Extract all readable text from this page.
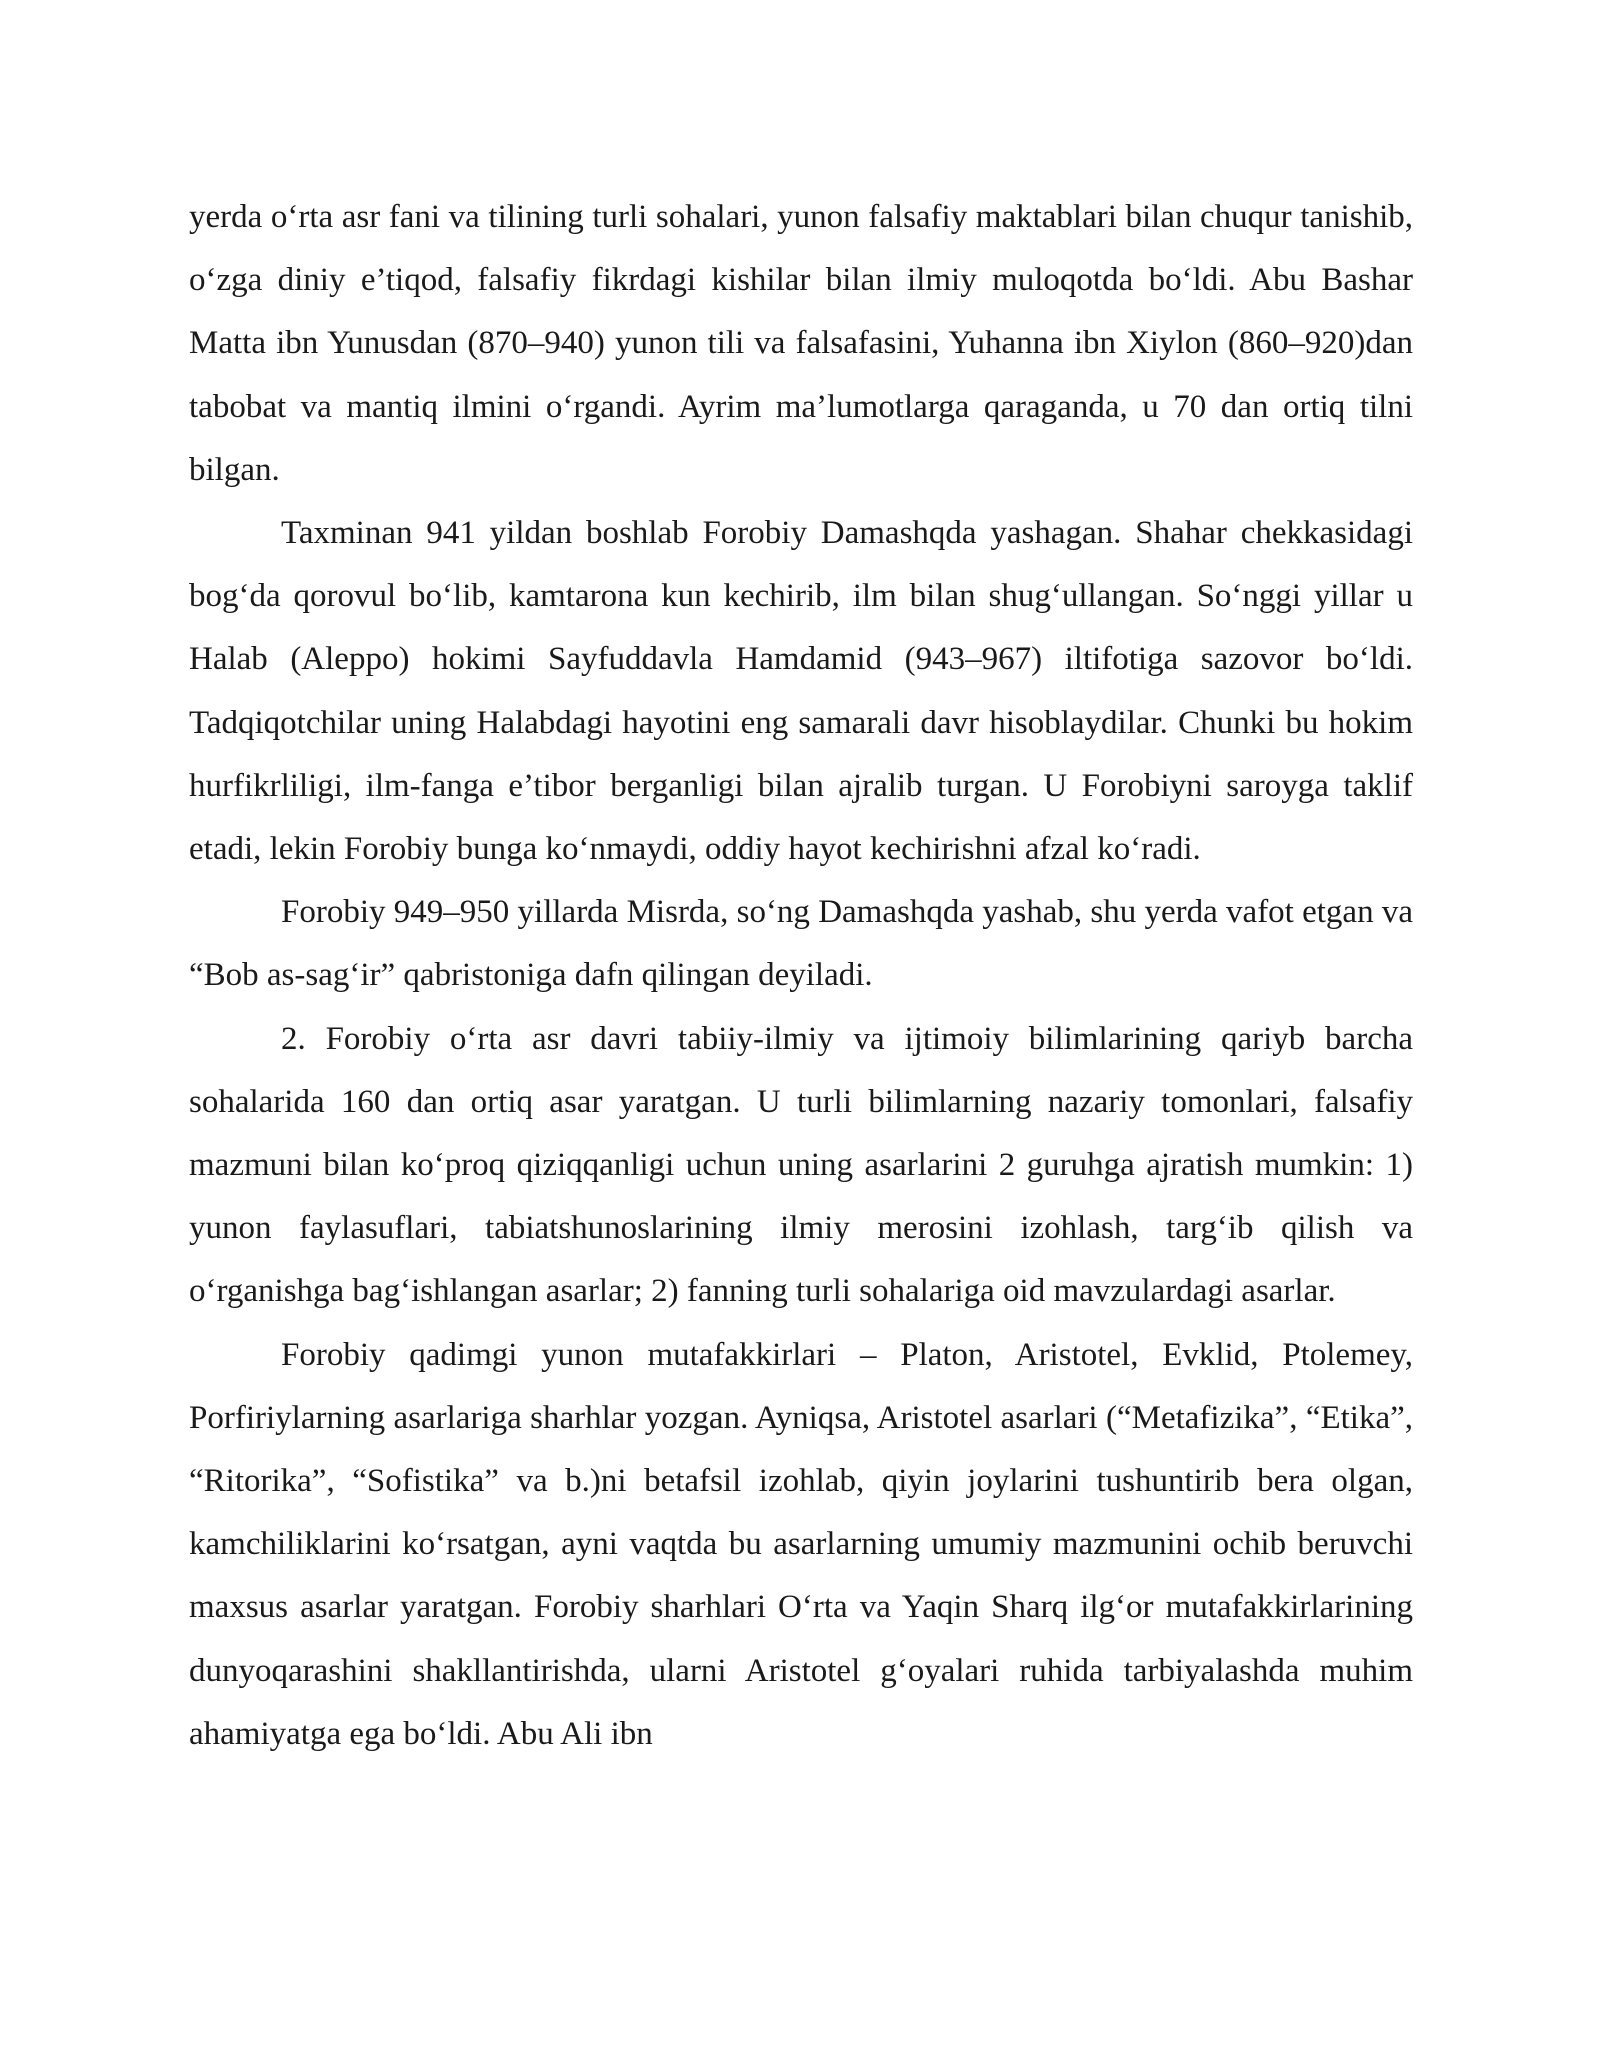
yerda o‘rta asr fani va tilining turli sohalari, yunon falsafiy maktablari bilan chuqur tanishib, o‘zga diniy e’tiqod, falsafiy fikrdagi kishilar bilan ilmiy muloqotda bo‘ldi. Abu Bashar Matta ibn Yunusdan (870–940) yunon tili va falsafasini, Yuhanna ibn Xiylon (860–920)dan tabobat va mantiq ilmini o‘rgandi. Ayrim ma’lumotlarga qaraganda, u 70 dan ortiq tilni bilgan.

Taxminan 941 yildan boshlab Forobiy Damashqda yashagan. Shahar chekkasidagi bog‘da qorovul bo‘lib, kamtarona kun kechirib, ilm bilan shug‘ullangan. So‘nggi yillar u Halab (Aleppo) hokimi Sayfuddavla Hamdamid (943–967) iltifotiga sazovor bo‘ldi. Tadqiqotchilar uning Halabdagi hayotini eng samarali davr hisoblaydilar. Chunki bu hokim hurfikrliligi, ilm-fanga e’tibor berganligi bilan ajralib turgan. U Forobiyni saroyga taklif etadi, lekin Forobiy bunga ko‘nmaydi, oddiy hayot kechirishni afzal ko‘radi.

Forobiy 949–950 yillarda Misrda, so‘ng Damashqda yashab, shu yerda vafot etgan va “Bob as-sag‘ir” qabristoniga dafn qilingan deyiladi.

2. Forobiy o‘rta asr davri tabiiy-ilmiy va ijtimoiy bilimlarining qariyb barcha sohalarida 160 dan ortiq asar yaratgan. U turli bilimlarning nazariy tomonlari, falsafiy mazmuni bilan ko‘proq qiziqqanligi uchun uning asarlarini 2 guruhga ajratish mumkin: 1) yunon faylasuflari, tabiatshunoslarining ilmiy merosini izohlash, targ‘ib qilish va o‘rganishga bag‘ishlangan asarlar; 2) fanning turli sohalariga oid mavzulardagi asarlar.

Forobiy qadimgi yunon mutafakkirlari – Platon, Aristotel, Evklid, Ptolemey, Porfiriylarning asarlariga sharhlar yozgan. Ayniqsa, Aristotel asarlari (“Metafizika”, “Etika”, “Ritorika”, “Sofistika” va b.)ni betafsil izohlab, qiyin joylarini tushuntirib bera olgan, kamchiliklarini ko‘rsatgan, ayni vaqtda bu asarlarning umumiy mazmunini ochib beruvchi maxsus asarlar yaratgan. Forobiy sharhlari O‘rta va Yaqin Sharq ilg‘or mutafakkirlarining dunyoqarashini shakllantirishda, ularni Aristotel g‘oyalari ruhida tarbiyalashda muhim ahamiyatga ega bo‘ldi. Abu Ali ibn
